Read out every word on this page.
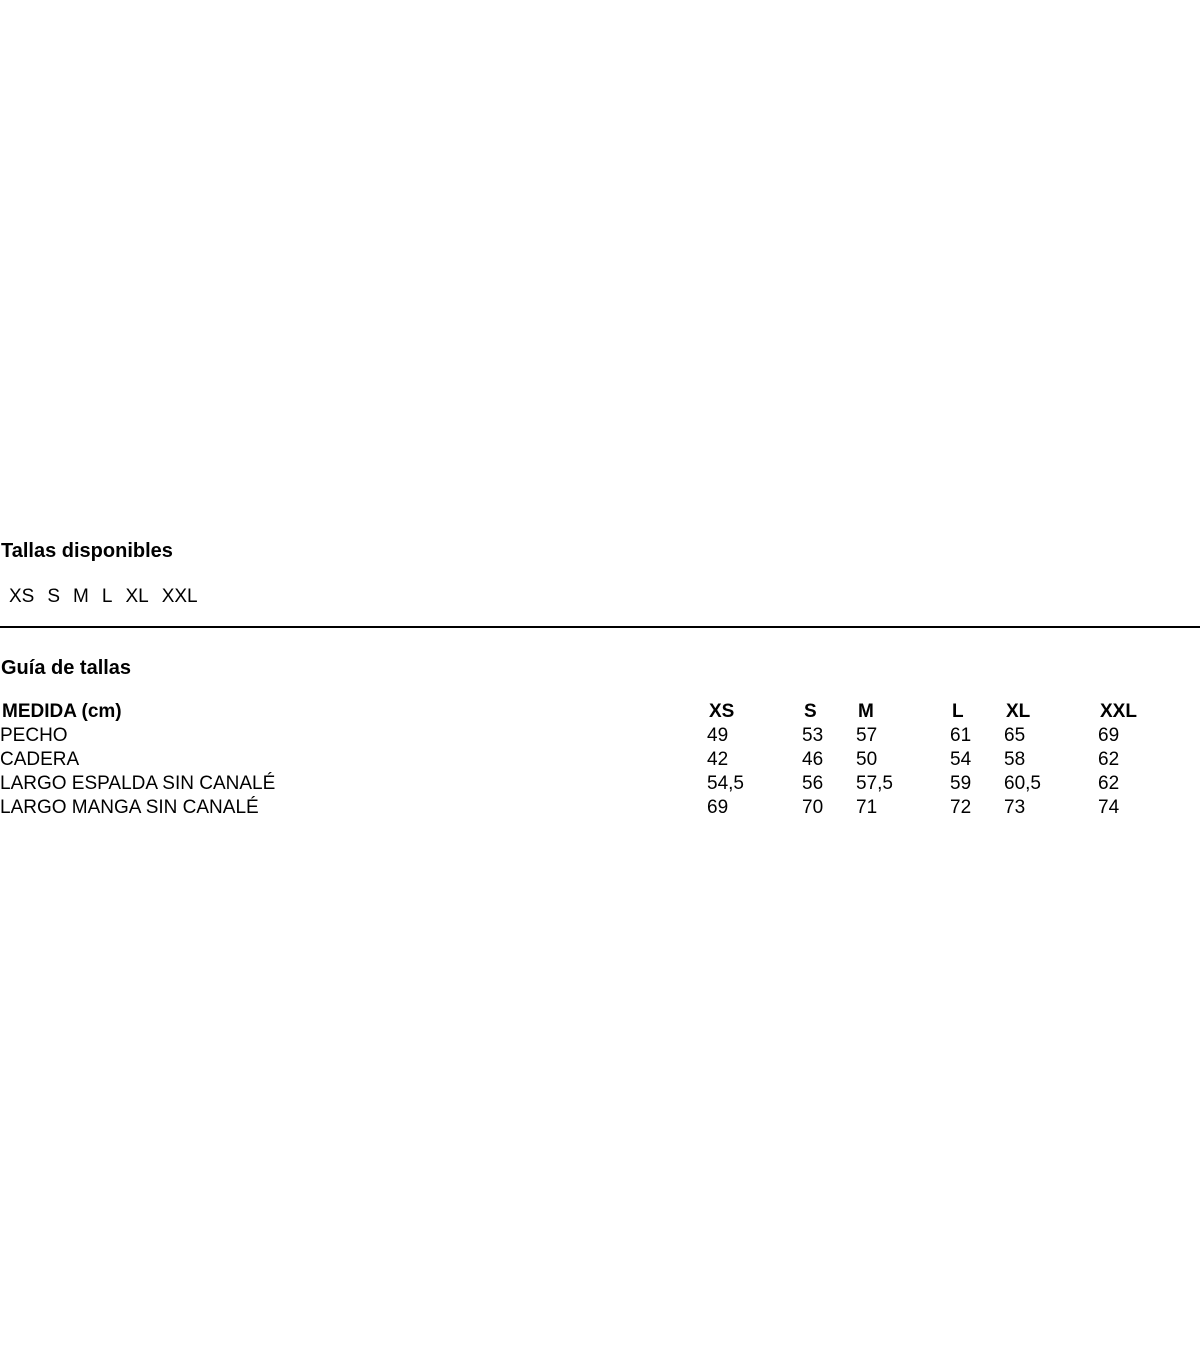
Tallas disponibles
XS S M L XL XXL
Guía de tallas
MEDIDA (cm)	XS	S	M	L	XL	XXL
PECHO	49	53	57	61	65	69
CADERA	42	46	50	54	58	62
LARGO ESPALDA SIN CANALÉ	54,5	56	57,5	59	60,5	62
LARGO MANGA SIN CANALÉ	69	70	71	72	73	74
